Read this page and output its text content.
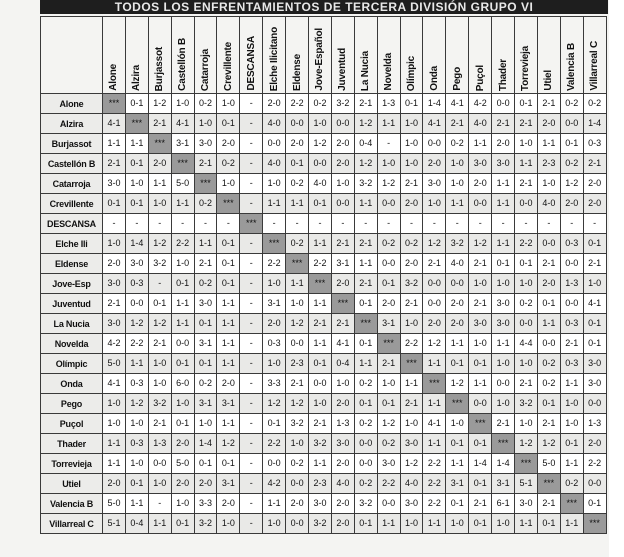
TODOS LOS ENFRENTAMIENTOS DE TERCERA DIVISIÓN GRUPO VI
	Alone	Alzira	Burjassot	Castellón B	Catarroja	Crevillente	DESCANSA	Elche Ilicitano	Eldense	Jove-Español	Juventud	La Nucia	Novelda	Olímpic	Onda	Pego	Puçol	Thader	Torrevieja	Utiel	Valencia B	Villarreal C
Alone	***	0-1	1-2	1-0	0-2	1-0	-	2-0	2-2	0-2	3-2	2-1	1-3	0-1	1-4	4-1	4-2	0-0	0-1	2-1	0-2	0-2
Alzira	4-1	***	2-1	4-1	1-0	0-1	-	4-0	0-0	1-0	0-0	1-2	1-1	1-0	4-1	2-1	4-0	2-1	2-1	2-0	0-0	1-4
Burjassot	1-1	1-1	***	3-1	3-0	2-0	-	0-0	2-0	1-2	2-0	0-4	-	1-0	0-0	0-2	1-1	2-0	1-0	1-1	0-1	0-3
Castellón B	2-1	0-1	2-0	***	2-1	0-2	-	4-0	0-1	0-0	2-0	1-2	1-0	1-0	2-0	1-0	3-0	3-0	1-1	2-3	0-2	2-1
Catarroja	3-0	1-0	1-1	5-0	***	1-0	-	1-0	0-2	4-0	1-0	3-2	1-2	2-1	3-0	1-0	2-0	1-1	2-1	1-0	1-2	2-0
Crevillente	0-1	0-1	1-0	1-1	0-2	***	-	1-1	1-1	0-1	0-0	1-1	0-0	2-0	1-0	1-1	0-0	1-1	0-0	4-0	2-0	2-0
DESCANSA	-	-	-	-	-	-	***	-	-	-	-	-	-	-	-	-	-	-	-	-	-	-
Elche Ili	1-0	1-4	1-2	2-2	1-1	0-1	-	***	0-2	1-1	2-1	2-1	0-2	0-2	1-2	3-2	1-2	1-1	2-2	0-0	0-3	0-1
Eldense	2-0	3-0	3-2	1-0	2-1	0-1	-	2-2	***	2-2	3-1	1-1	0-0	2-0	2-1	4-0	2-1	0-1	0-1	2-1	0-0	2-1
Jove-Esp	3-0	0-3	-	0-1	0-2	0-1	-	1-0	1-1	***	2-0	2-1	0-1	3-2	0-0	0-0	1-0	1-0	1-0	2-0	1-3	1-0
Juventud	2-1	0-0	0-1	1-1	3-0	1-1	-	3-1	1-0	1-1	***	0-1	2-0	2-1	0-0	2-0	2-1	3-0	0-2	0-1	0-0	4-1
La Nucia	3-0	1-2	1-2	1-1	0-1	1-1	-	2-0	1-2	2-1	2-1	***	3-1	1-0	2-0	2-0	3-0	3-0	0-0	1-1	0-3	0-1
Novelda	4-2	2-2	2-1	0-0	3-1	1-1	-	0-3	0-0	1-1	4-1	0-1	***	2-2	1-2	1-1	1-0	1-1	4-4	0-0	2-1	0-1
Olímpic	5-0	1-1	1-0	0-1	0-1	1-1	-	1-0	2-3	0-1	0-4	1-1	2-1	***	1-1	0-1	0-1	1-0	1-0	0-2	0-3	3-0
Onda	4-1	0-3	1-0	6-0	0-2	2-0	-	3-3	2-1	0-0	1-0	0-2	1-0	1-1	***	1-2	1-1	0-0	2-1	0-2	1-1	3-0
Pego	1-0	1-2	3-2	1-0	3-1	3-1	-	1-2	1-2	1-0	2-0	0-1	0-1	2-1	1-1	***	0-0	1-0	3-2	0-1	1-0	0-0
Puçol	1-0	1-0	2-1	0-1	1-0	1-1	-	0-1	3-2	2-1	1-3	0-2	1-2	1-0	4-1	1-0	***	2-1	1-0	2-1	1-0	1-3
Thader	1-1	0-3	1-3	2-0	1-4	1-2	-	2-2	1-0	3-2	3-0	0-0	0-2	3-0	1-1	0-1	0-1	***	1-2	1-2	0-1	2-0
Torrevieja	1-1	1-0	0-0	5-0	0-1	0-1	-	0-0	0-2	1-1	2-0	0-0	3-0	1-2	2-2	1-1	1-4	1-4	***	5-0	1-1	2-2
Utiel	2-0	0-1	1-0	2-0	2-0	3-1	-	4-2	0-0	2-3	4-0	0-2	2-2	4-0	2-2	3-1	0-1	3-1	5-1	***	0-2	0-0
Valencia B	5-0	1-1	-	1-0	3-3	2-0	-	1-1	2-0	3-0	2-0	3-2	0-0	3-0	2-2	0-1	2-1	6-1	3-0	2-1	***	0-1
Villarreal C	5-1	0-4	1-1	0-1	3-2	1-0	-	1-0	0-0	3-2	2-0	0-1	1-1	1-0	1-1	1-0	0-1	1-0	1-1	0-1	1-1	***
